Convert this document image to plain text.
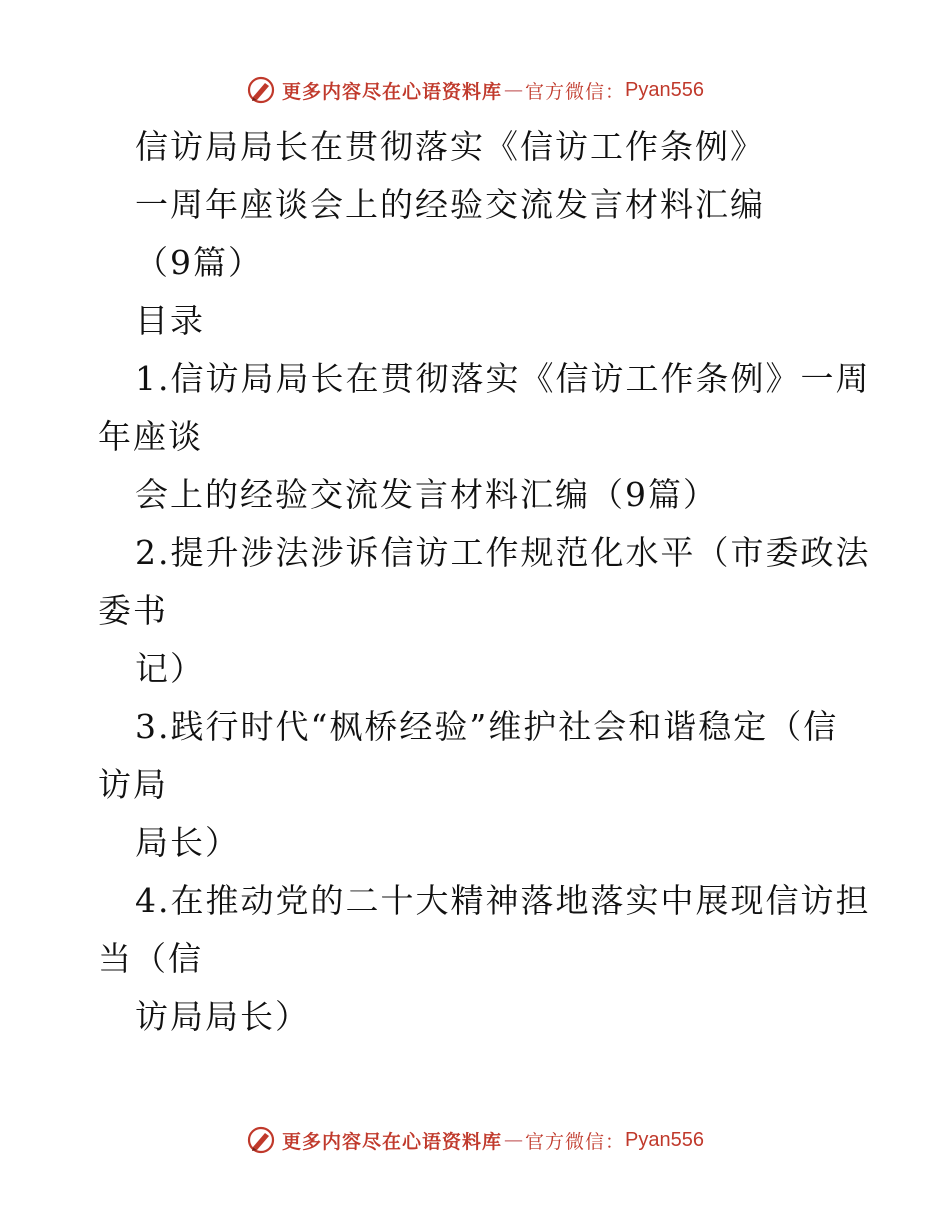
更多内容尽在心语资料库 — 官方微信： Pyan556
信访局局长在贯彻落实《信访工作条例》
一周年座谈会上的经验交流发言材料汇编
（9篇）
目录
1.信访局局长在贯彻落实《信访工作条例》一周
年座谈
会上的经验交流发言材料汇编（9篇）
2.提升涉法涉诉信访工作规范化水平（市委政法
委书
记）
3.践行时代“枫桥经验”维护社会和谐稳定（信
访局
局长）
4.在推动党的二十大精神落地落实中展现信访担
当（信
访局局长）
更多内容尽在心语资料库 — 官方微信： Pyan556
